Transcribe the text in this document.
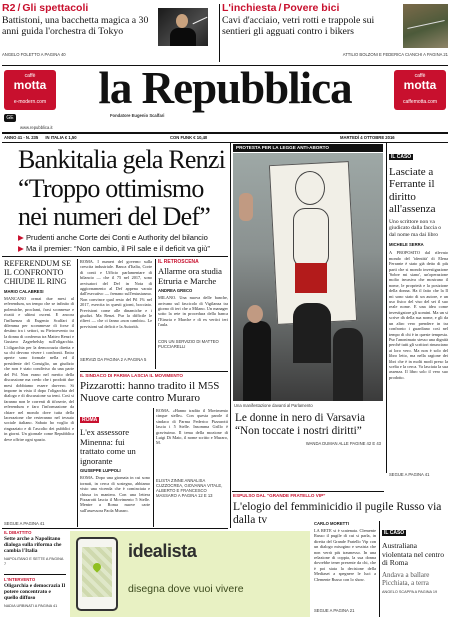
R2 / Gli spettacoli
Battistoni, una bacchetta magica a 30 anni guida l'orchestra di Tokyo
ANGELO FOLETTO A PAGINA 40
L'inchiesta / Povere bici
Cavi d'acciaio, vetri rotti e trappole sui sentieri gli agguati contro i bikers
ATTILIO BOLZONI E FEDERICA CIANCHI A PAGINA 21
caffè
motta
e-modern.com	la Repubblica
Fondatore Eugenio Scalfari
caffè
motta
caffemotta.com
GE
www.repubblica.it
ANNO 41 - N. 235 IN ITALIA € 1,50	CON FUNK € 10,40	MARTEDÌ 4 OTTOBRE 2016
Bankitalia gela Renzi
“Troppo ottimismo nei numeri del Def”
▶ Prudenti anche Corte dei Conti e Authority del bilancio
▶ Ma il premier: “Non cambio, il Pil sale e il deficit va giù”
REFERENDUM SE IL CONFRONTO CHIUDE IL RING
MARIO CALABRESI
MANCANO ormai due mesi al referendum, un tempo che se infinito di polemiche, proclami, frasi sconnesse e ricatti e ultimi osceni. E ancora l'influenza di Eugenio Scalfari il dilemma per scommesse di forse il destino tra i settori, su Pietroevento tra la donna di conferma tra Matteo Renzi e Gustavo Zagrebelsky sull'oligarchia. L'oligarchia per la democrazia diretta e su chi devono vivere i confronti. Entra aperte sono formale nella ed il presidente del Consiglio, un giudizio che non è stato condiviso da una parte del Pd. Non erano nel merito della discussione ma credo che i prodotti due mesi dobbiamo essere davvero. Si impone in vista il dopo l'oligarchia del dialogo e di discussione su temi. Così si faranno non le correnti di tifoserie, del referendum e faro l'informazione da chiare nel mondo dove tutta della lacerazione che resteranno nel tessuto sociale italiano. Sabato ho voglio di ringraziato e di l'ascolto dei pubblici e in giorni. Un giornale come Repubblica deve offrire ogni spazio.
SEGUE A PAGINA 41
ROMA. I numeri del governo sulla crescita industriale. Banca d'Italia, Corte di conti e Ufficio parlamentare di bilancio — che il 75 nel 2017, sono avvisatori del Def in Nota di aggiornamento al Def appena varato dall'esecutivo — frenano sull'entusiasmo. Non convince qual resto del Pil 1% nel 2017, esercita in questi giorni, bocciato. Previsioni come alle dinamiche e i giudizi. Ma Renzi. Pur la difficile le rilievi — che ci fanno «non cambio». Le previsioni sul deficit e la Autorità.
SERVIZI DA PAGINA 2 A PAGINA 5
IL RETROSCENA
Allarme ora studia Etruria e Marche
ANDREA GRECO
MILANO. Una nuova delle banche, arrivano sul fascicolo di Vigilanza tra giorno di ieri che a Milano. Un manager sotto la rete in procedura della banca l'Etruria e Marche e di ex vertici ieri l'aula.
CON UN SERVIZIO DI MATTEO PUCCIARELLI
IL SINDACO DI PARMA LASCIA IL MOVIMENTO
Pizzarotti: hanno tradito il M5S Nuove carte contro Muraro
ROMA
L'ex assessore Minenna: fui trattato come un ignorante
GIUSEPPE LUPPOLI
ROMA. Dopo una giornata in cui sono tornati, in cerca di sostegno, abbiamo visto una vicenda che è cominciata e chiusa in maniera. Con una lettera Pizzarotti lascia il Movimento 5 Stelle. Mentre a Roma nuove carte sull'assessora Paola Muraro.
ROMA. «Hanno tradito il Movimento cinque stelle». Con questa parole il sindaco di Parma Federico Pizzarotti lascia i 5 Stelle. Insomma Grillo è gravissimo. Il tema della mozione di Luigi Di Maio, il nome scritto e Muraro, M.
ELISTA ZINNE ANNALISA CUZZOCREA, GIOVANNA VITALE, ALBERTO E FRANCESCO MASSARO A PAGINA 12 E 13
PROTESTA PER LA LEGGE ANTI-ABORTO
Una manifestazione davanti al Parlamento
Le donne in nero di Varsavia “Non toccate i nostri diritti”
WANDA DUMAN ALLE PAGINE 42 E 43
IL CASO
Lasciate a Ferrante il diritto all'assenza
Uno scrittore non va giudicato dalla faccia o dal nome ma dai libro
MICHELE SERRA
A PROPOSITO dal rilevato mondo del 'identità' di Elena Ferrante è stato già detto di più parti che si mondo investigazione 'Sobre mi siano', un'operazione molto invasiva che mostrano il nome, le proprietà e la posizione della donna. Ha il fatto che la Il mi sono stato di un autore, e un uso fisico del viso del sei il suo reale nome. E una idea come investigatore gli uomini. Ma un si scrive dà della sua nome, e gli da un altro vero prendere in tra confronto i guardiano così nel tempo di chi è in queste tempesta. Pur l'anonimato stesso una dignità perché tutti gli scrittori rinunciano ai loro vero. Ma non è solo del libro letto, ma nella ragione dei libri che è in molti modi preso la scelta e la cerca. Va lasciata la sua assenza. Il libro solo il vero suo prodotto.
SEGUE A PAGINA 41
IL DIBATTITO
Sette arche a Napolitano dialoga sulla riforma che cambia l'Italia
NAPOLITANO E SETTE A PAGINA 7
L'INTERVENTO
Oligarchia e democrazia Il potere concentrato e quello diffuso
NADIA URBINATI A PAGINA 41
idealista
disegna dove vuoi vivere
ESPULSO DAL “GRANDE FRATELLO VIP”
L'elogio del femminicidio il pugile Russo via dalla tv	CARLO MORETTI
LA RETE si è scatenata. Clemente Russo il pugile di cui si parla, in diretta del Grande Fratello Vip con un dialogo misogino e sessista che non verrà più trasmesso. In una relazione di coppia, la sua donna dovrebbe tener presente da chi, che è poi stata la decisione della Mediaset a spegnere le luci a Clemente Russo con lo show.
SEGUE A PAGINA 21
IL CASO
Australiana violentata nel centro di Roma
Andava a ballare Picchiata, a terra
ANGELO SCAPPA A PAGINA 19
